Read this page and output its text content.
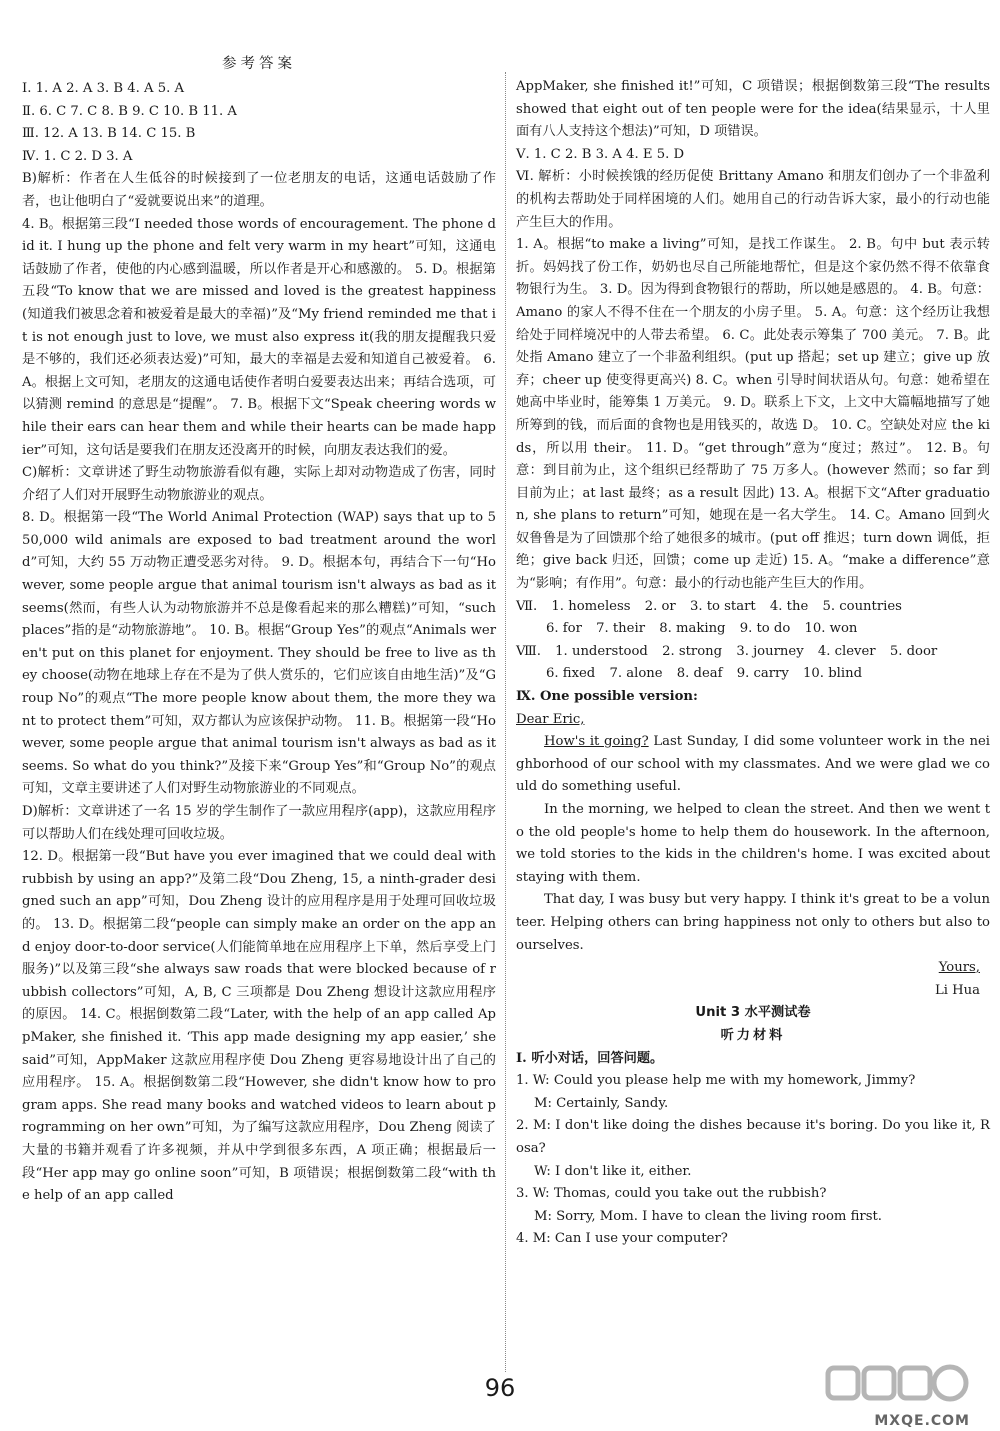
参考答案

Ⅰ. 1. A 2. A 3. B 4. A 5. A

Ⅱ. 6. C 7. C 8. B 9. C 10. B 11. A

Ⅲ. 12. A 13. B 14. C 15. B

Ⅳ. 1. C 2. D 3. A

B)解析：作者在人生低谷的时候接到了一位老朋友的电话，这通电话鼓励了作者，也让他明白了“爱就要说出来”的道理。

4. B。根据第三段“I needed those words of encouragement. The phone did it. I hung up the phone and felt very warm in my heart”可知，这通电话鼓励了作者，使他的内心感到温暖，所以作者是开心和感激的。 5. D。根据第五段“To know that we are missed and loved is the greatest happiness(知道我们被思念着和被爱着是最大的幸福)”及“My friend reminded me that it is not enough just to love, we must also express it(我的朋友提醒我只爱是不够的，我们还必须表达爱)”可知，最大的幸福是去爱和知道自己被爱着。 6. A。根据上文可知，老朋友的这通电话使作者明白爱要表达出来；再结合选项，可以猜测 remind 的意思是“提醒”。 7. B。根据下文“Speak cheering words while their ears can hear them and while their hearts can be made happier”可知，这句话是要我们在朋友还没离开的时候，向朋友表达我们的爱。

C)解析：文章讲述了野生动物旅游看似有趣，实际上却对动物造成了伤害，同时介绍了人们对开展野生动物旅游业的观点。

8. D。根据第一段“The World Animal Protection (WAP) says that up to 550,000 wild animals are exposed to bad treatment around the world”可知，大约 55 万动物正遭受恶劣对待。 9. D。根据本句，再结合下一句“However, some people argue that animal tourism isn't always as bad as it seems(然而，有些人认为动物旅游并不总是像看起来的那么糟糕)”可知，“such places”指的是“动物旅游地”。 10. B。根据“Group Yes”的观点“Animals weren't put on this planet for enjoyment. They should be free to live as they choose(动物在地球上存在不是为了供人赏乐的，它们应该自由地生活)”及“Group No”的观点“The more people know about them, the more they want to protect them”可知，双方都认为应该保护动物。 11. B。根据第一段“However, some people argue that animal tourism isn't always as bad as it seems. So what do you think?”及接下来“Group Yes”和“Group No”的观点可知，文章主要讲述了人们对野生动物旅游业的不同观点。

D)解析：文章讲述了一名 15 岁的学生制作了一款应用程序(app)，这款应用程序可以帮助人们在线处理可回收垃圾。

12. D。根据第一段“But have you ever imagined that we could deal with rubbish by using an app?”及第二段“Dou Zheng, 15, a ninth-grader designed such an app”可知，Dou Zheng 设计的应用程序是用于处理可回收垃圾的。 13. D。根据第二段“people can simply make an order on the app and enjoy door-to-door service(人们能简单地在应用程序上下单，然后享受上门服务)”以及第三段“she always saw roads that were blocked because of rubbish collectors”可知，A, B, C 三项都是 Dou Zheng 想设计这款应用程序的原因。 14. C。根据倒数第二段“Later, with the help of an app called AppMaker, she finished it. ‘This app made designing my app easier,’ she said”可知，AppMaker 这款应用程序使 Dou Zheng 更容易地设计出了自己的应用程序。 15. A。根据倒数第二段“However, she didn't know how to program apps. She read many books and watched videos to learn about programming on her own”可知，为了编写这款应用程序，Dou Zheng 阅读了大量的书籍并观看了许多视频，并从中学到很多东西，A 项正确；根据最后一段“Her app may go online soon”可知，B 项错误；根据倒数第二段“with the help of an app called

AppMaker, she finished it!”可知，C 项错误；根据倒数第三段“The results showed that eight out of ten people were for the idea(结果显示，十人里面有八人支持这个想法)”可知，D 项错误。

Ⅴ. 1. C 2. B 3. A 4. E 5. D

Ⅵ. 解析：小时候挨饿的经历促使 Brittany Amano 和朋友们创办了一个非盈利的机构去帮助处于同样困境的人们。她用自己的行动告诉大家，最小的行动也能产生巨大的作用。

1. A。根据“to make a living”可知，是找工作谋生。 2. B。句中 but 表示转折。妈妈找了份工作，奶奶也尽自己所能地帮忙，但是这个家仍然不得不依靠食物银行为生。 3. D。因为得到食物银行的帮助，所以她是感恩的。 4. B。句意：Amano 的家人不得不住在一个朋友的小房子里。 5. A。句意：这个经历让我想给处于同样境况中的人带去希望。 6. C。此处表示筹集了 700 美元。 7. B。此处指 Amano 建立了一个非盈利组织。(put up 搭起；set up 建立；give up 放弃；cheer up 使变得更高兴) 8. C。when 引导时间状语从句。句意：她希望在她高中毕业时，能筹集 1 万美元。 9. D。联系上下文，上文中大篇幅地描写了她所筹到的钱，而后面的食物也是用钱买的，故选 D。 10. C。空缺处对应 the kids，所以用 their。 11. D。“get through”意为“度过；熬过”。 12. B。句意：到目前为止，这个组织已经帮助了 75 万多人。(however 然而；so far 到目前为止；at last 最终；as a result 因此) 13. A。根据下文“After graduation, she plans to return”可知，她现在是一名大学生。 14. C。Amano 回到火奴鲁鲁是为了回馈那个给了她很多的城市。(put off 推迟；turn down 调低，拒绝；give back 归还，回馈；come up 走近) 15. A。“make a difference”意为“影响；有作用”。句意：最小的行动也能产生巨大的作用。

Ⅶ. 1. homeless 2. or 3. to start 4. the 5. countries
6. for 7. their 8. making 9. to do 10. won
Ⅷ. 1. understood 2. strong 3. journey 4. clever 5. door
6. fixed 7. alone 8. deaf 9. carry 10. blind

Ⅸ. One possible version:

Dear Eric,

How's it going? Last Sunday, I did some volunteer work in the neighborhood of our school with my classmates. And we were glad we could do something useful.

In the morning, we helped to clean the street. And then we went to the old people's home to help them do housework. In the afternoon, we told stories to the kids in the children's home. I was excited about staying with them.

That day, I was busy but very happy. I think it's great to be a volunteer. Helping others can bring happiness not only to others but also to ourselves.

Yours,

Li Hua

Unit 3 水平测试卷

听力材料

Ⅰ. 听小对话，回答问题。

1. W: Could you please help me with my homework, Jimmy?

M: Certainly, Sandy.

2. M: I don't like doing the dishes because it's boring. Do you like it, Rosa?

W: I don't like it, either.

3. W: Thomas, could you take out the rubbish?

M: Sorry, Mom. I have to clean the living room first.

4. M: Can I use your computer?

96
MXQE.COM
